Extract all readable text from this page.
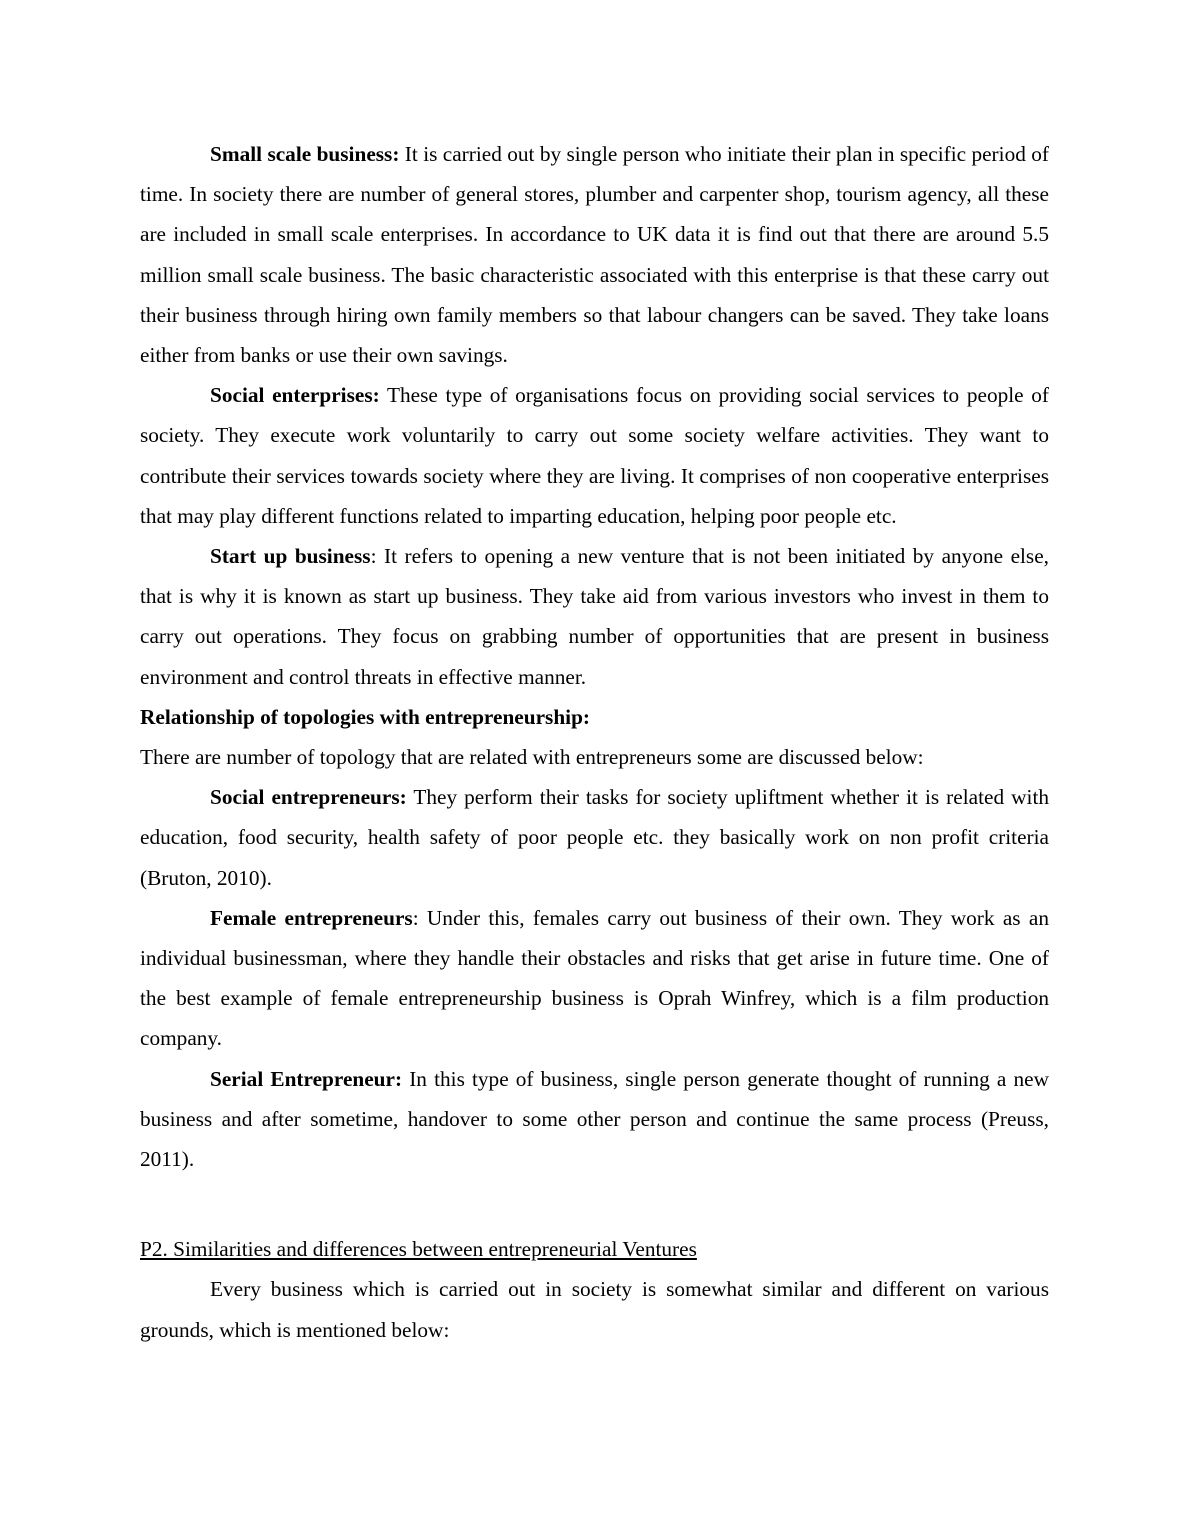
Small scale business: It is carried out by single person who initiate their plan in specific period of time. In society there are number of general stores, plumber and carpenter shop, tourism agency, all these are included in small scale enterprises. In accordance to UK data it is find out that there are around 5.5 million small scale business. The basic characteristic associated with this enterprise is that these carry out their business through hiring own family members so that labour changers can be saved. They take loans either from banks or use their own savings.

Social enterprises: These type of organisations focus on providing social services to people of society. They execute work voluntarily to carry out some society welfare activities. They want to contribute their services towards society where they are living. It comprises of non cooperative enterprises that may play different functions related to imparting education, helping poor people etc.

Start up business: It refers to opening a new venture that is not been initiated by anyone else, that is why it is known as start up business. They take aid from various investors who invest in them to carry out operations. They focus on grabbing number of opportunities that are present in business environment and control threats in effective manner.

Relationship of topologies with entrepreneurship:

There are number of topology that are related with entrepreneurs some are discussed below:

Social entrepreneurs: They perform their tasks for society upliftment whether it is related with education, food security, health safety of poor people etc. they basically work on non profit criteria (Bruton, 2010).

Female entrepreneurs: Under this, females carry out business of their own. They work as an individual businessman, where they handle their obstacles and risks that get arise in future time. One of the best example of female entrepreneurship business is Oprah Winfrey, which is a film production company.

Serial Entrepreneur: In this type of business, single person generate thought of running a new business and after sometime, handover to some other person and continue the same process (Preuss, 2011).

P2. Similarities and differences between entrepreneurial Ventures

Every business which is carried out in society is somewhat similar and different on various grounds, which is mentioned below:
